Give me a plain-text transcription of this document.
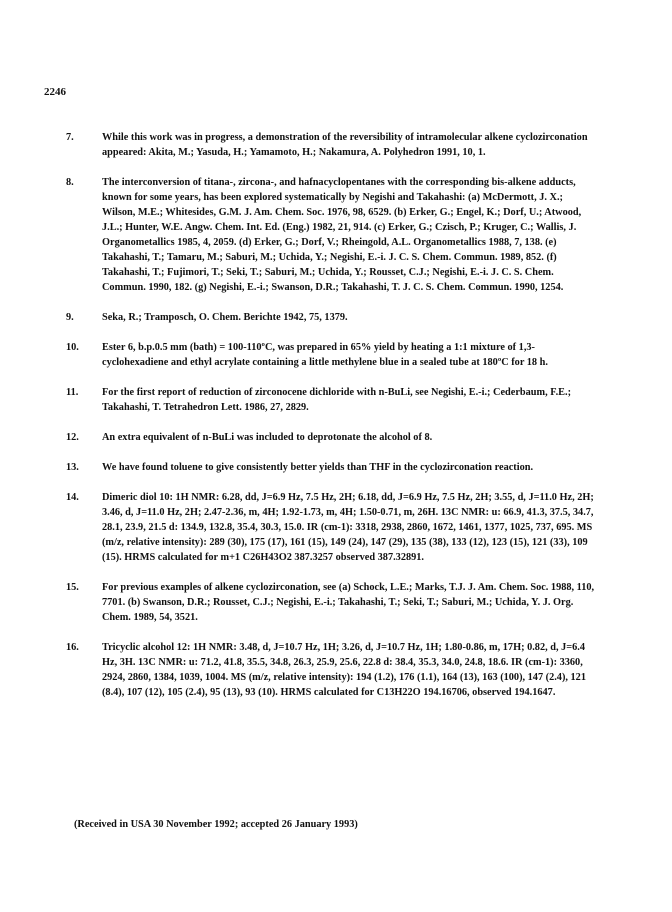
2246
7.	While this work was in progress, a demonstration of the reversibility of intramolecular alkene cyclozirconation appeared: Akita, M.; Yasuda, H.; Yamamoto, H.; Nakamura, A. Polyhedron 1991, 10, 1.
8.	The interconversion of titana-, zircona-, and hafnacyclopentanes with the corresponding bis-alkene adducts, known for some years, has been explored systematically by Negishi and Takahashi: (a) McDermott, J. X.; Wilson, M.E.; Whitesides, G.M. J. Am. Chem. Soc. 1976, 98, 6529. (b) Erker, G.; Engel, K.; Dorf, U.; Atwood, J.L.; Hunter, W.E. Angw. Chem. Int. Ed. (Eng.) 1982, 21, 914. (c) Erker, G.; Czisch, P.; Kruger, C.; Wallis, J. Organometallics 1985, 4, 2059. (d) Erker, G.; Dorf, V.; Rheingold, A.L. Organometallics 1988, 7, 138. (e) Takahashi, T.; Tamaru, M.; Saburi, M.; Uchida, Y.; Negishi, E.-i. J. C. S. Chem. Commun. 1989, 852. (f) Takahashi, T.; Fujimori, T.; Seki, T.; Saburi, M.; Uchida, Y.; Rousset, C.J.; Negishi, E.-i. J. C. S. Chem. Commun. 1990, 182. (g) Negishi, E.-i.; Swanson, D.R.; Takahashi, T. J. C. S. Chem. Commun. 1990, 1254.
9.	Seka, R.; Tramposch, O. Chem. Berichte 1942, 75, 1379.
10. Ester 6, b.p.0.5 mm (bath) = 100-110ºC, was prepared in 65% yield by heating a 1:1 mixture of 1,3-cyclohexadiene and ethyl acrylate containing a little methylene blue in a sealed tube at 180ºC for 18 h.
11. For the first report of reduction of zirconocene dichloride with n-BuLi, see Negishi, E.-i.; Cederbaum, F.E.; Takahashi, T. Tetrahedron Lett. 1986, 27, 2829.
12. An extra equivalent of n-BuLi was included to deprotonate the alcohol of 8.
13. We have found toluene to give consistently better yields than THF in the cyclozirconation reaction.
14. Dimeric diol 10: 1H NMR: 6.28, dd, J=6.9 Hz, 7.5 Hz, 2H; 6.18, dd, J=6.9 Hz, 7.5 Hz, 2H; 3.55, d, J=11.0 Hz, 2H; 3.46, d, J=11.0 Hz, 2H; 2.47-2.36, m, 4H; 1.92-1.73, m, 4H; 1.50-0.71, m, 26H. 13C NMR: u: 66.9, 41.3, 37.5, 34.7, 28.1, 23.9, 21.5 d: 134.9, 132.8, 35.4, 30.3, 15.0. IR (cm-1): 3318, 2938, 2860, 1672, 1461, 1377, 1025, 737, 695. MS (m/z, relative intensity): 289 (30), 175 (17), 161 (15), 149 (24), 147 (29), 135 (38), 133 (12), 123 (15), 121 (33), 109 (15). HRMS calculated for m+1 C26H43O2 387.3257 observed 387.32891.
15. For previous examples of alkene cyclozirconation, see (a) Schock, L.E.; Marks, T.J. J. Am. Chem. Soc. 1988, 110, 7701. (b) Swanson, D.R.; Rousset, C.J.; Negishi, E.-i.; Takahashi, T.; Seki, T.; Saburi, M.; Uchida, Y. J. Org. Chem. 1989, 54, 3521.
16. Tricyclic alcohol 12: 1H NMR: 3.48, d, J=10.7 Hz, 1H; 3.26, d, J=10.7 Hz, 1H; 1.80-0.86, m, 17H; 0.82, d, J=6.4 Hz, 3H. 13C NMR: u: 71.2, 41.8, 35.5, 34.8, 26.3, 25.9, 25.6, 22.8 d: 38.4, 35.3, 34.0, 24.8, 18.6. IR (cm-1): 3360, 2924, 2860, 1384, 1039, 1004. MS (m/z, relative intensity): 194 (1.2), 176 (1.1), 164 (13), 163 (100), 147 (2.4), 121 (8.4), 107 (12), 105 (2.4), 95 (13), 93 (10). HRMS calculated for C13H22O 194.16706, observed 194.1647.
(Received in USA 30 November 1992; accepted 26 January 1993)
